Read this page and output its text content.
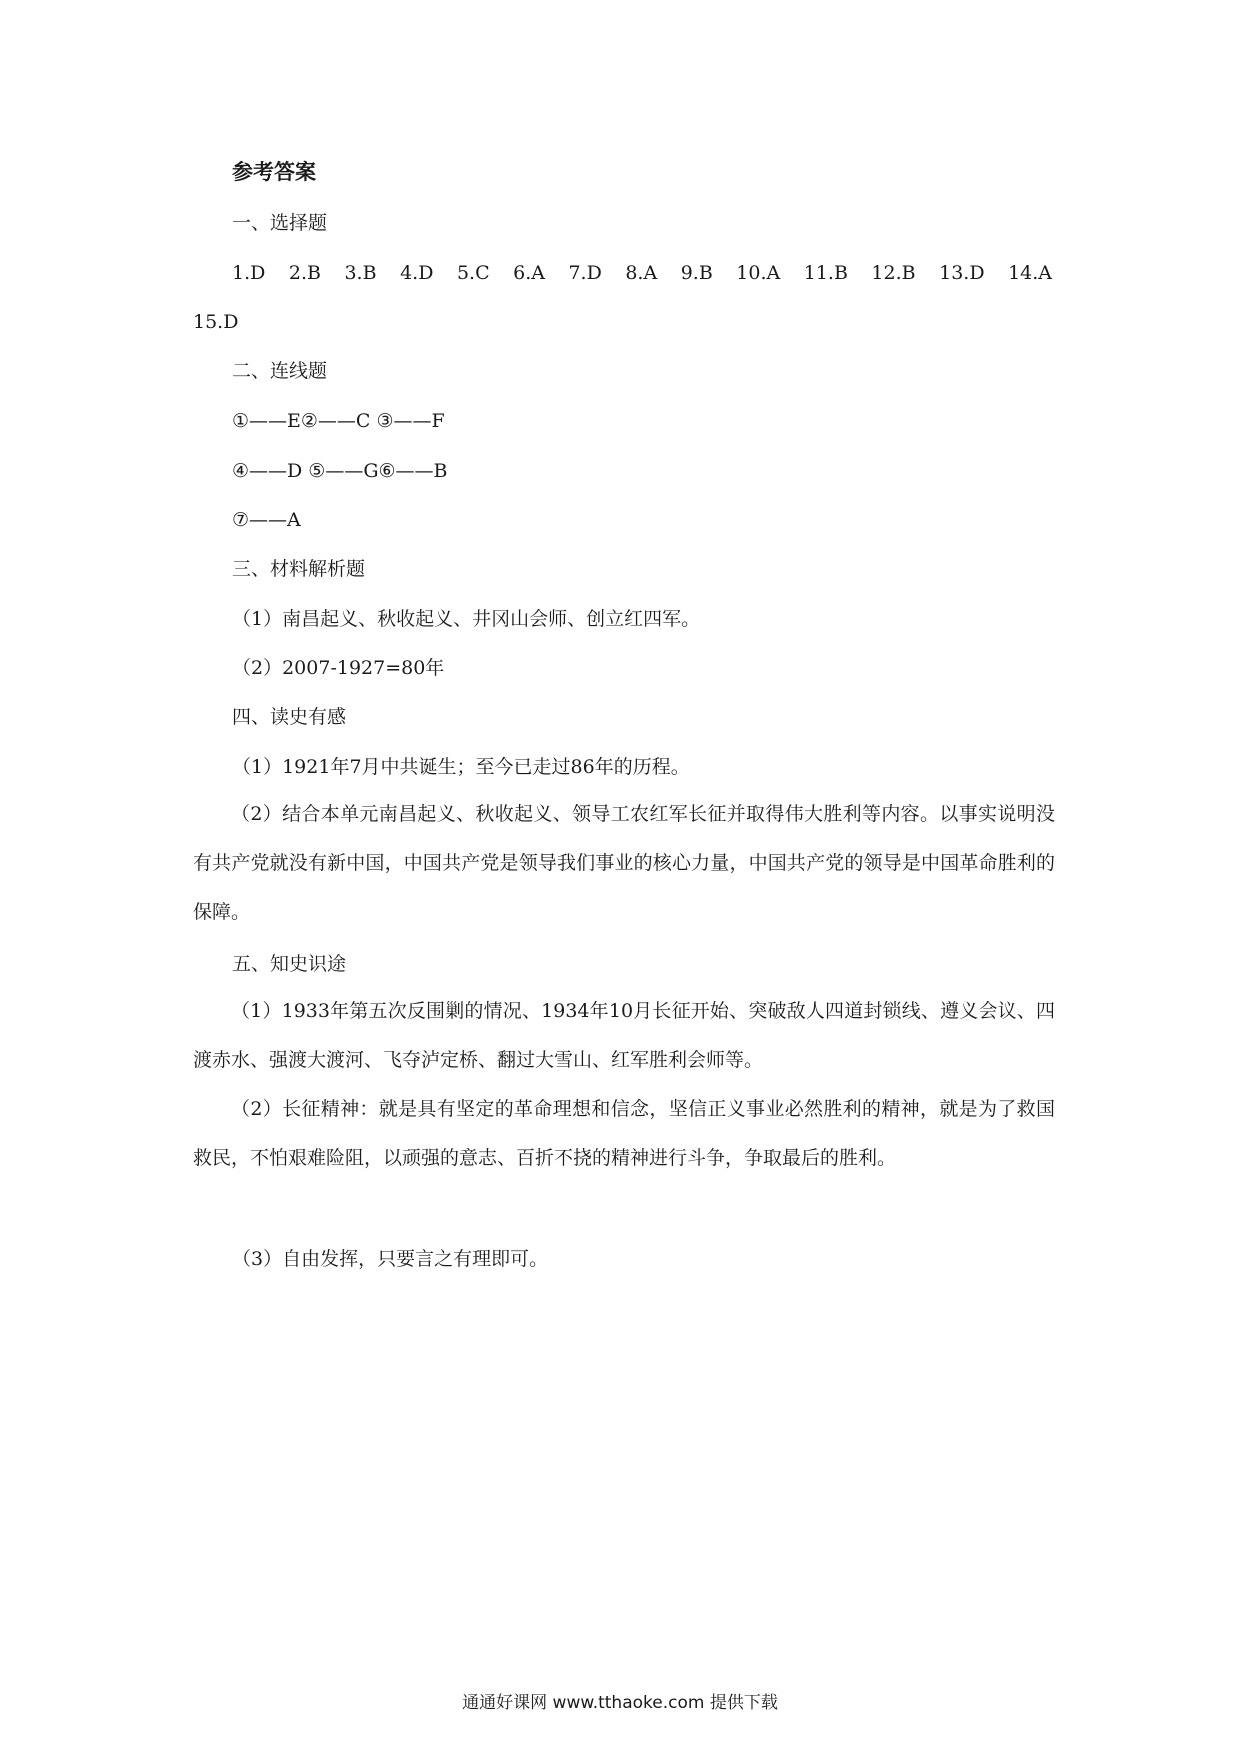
参考答案

一、选择题

1.D 2.B 3.B 4.D 5.C 6.A 7.D 8.A 9.B 10.A 11.B 12.B 13.D 14.A

15.D

二、连线题

①——E②——C ③——F

④——D ⑤——G⑥——B

⑦——A

三、材料解析题

（1）南昌起义、秋收起义、井冈山会师、创立红四军。

（2）2007-1927=80年

四、读史有感

（1）1921年7月中共诞生；至今已走过86年的历程。

（2）结合本单元南昌起义、秋收起义、领导工农红军长征并取得伟大胜利等内容。以事实说明没有共产党就没有新中国，中国共产党是领导我们事业的核心力量，中国共产党的领导是中国革命胜利的保障。

五、知史识途

（1）1933年第五次反围剿的情况、1934年10月长征开始、突破敌人四道封锁线、遵义会议、四渡赤水、强渡大渡河、飞夺泸定桥、翻过大雪山、红军胜利会师等。

（2）长征精神：就是具有坚定的革命理想和信念，坚信正义事业必然胜利的精神，就是为了救国救民，不怕艰难险阻，以顽强的意志、百折不挠的精神进行斗争，争取最后的胜利。

（3）自由发挥，只要言之有理即可。

通通好课网 www.tthaoke.com 提供下载
